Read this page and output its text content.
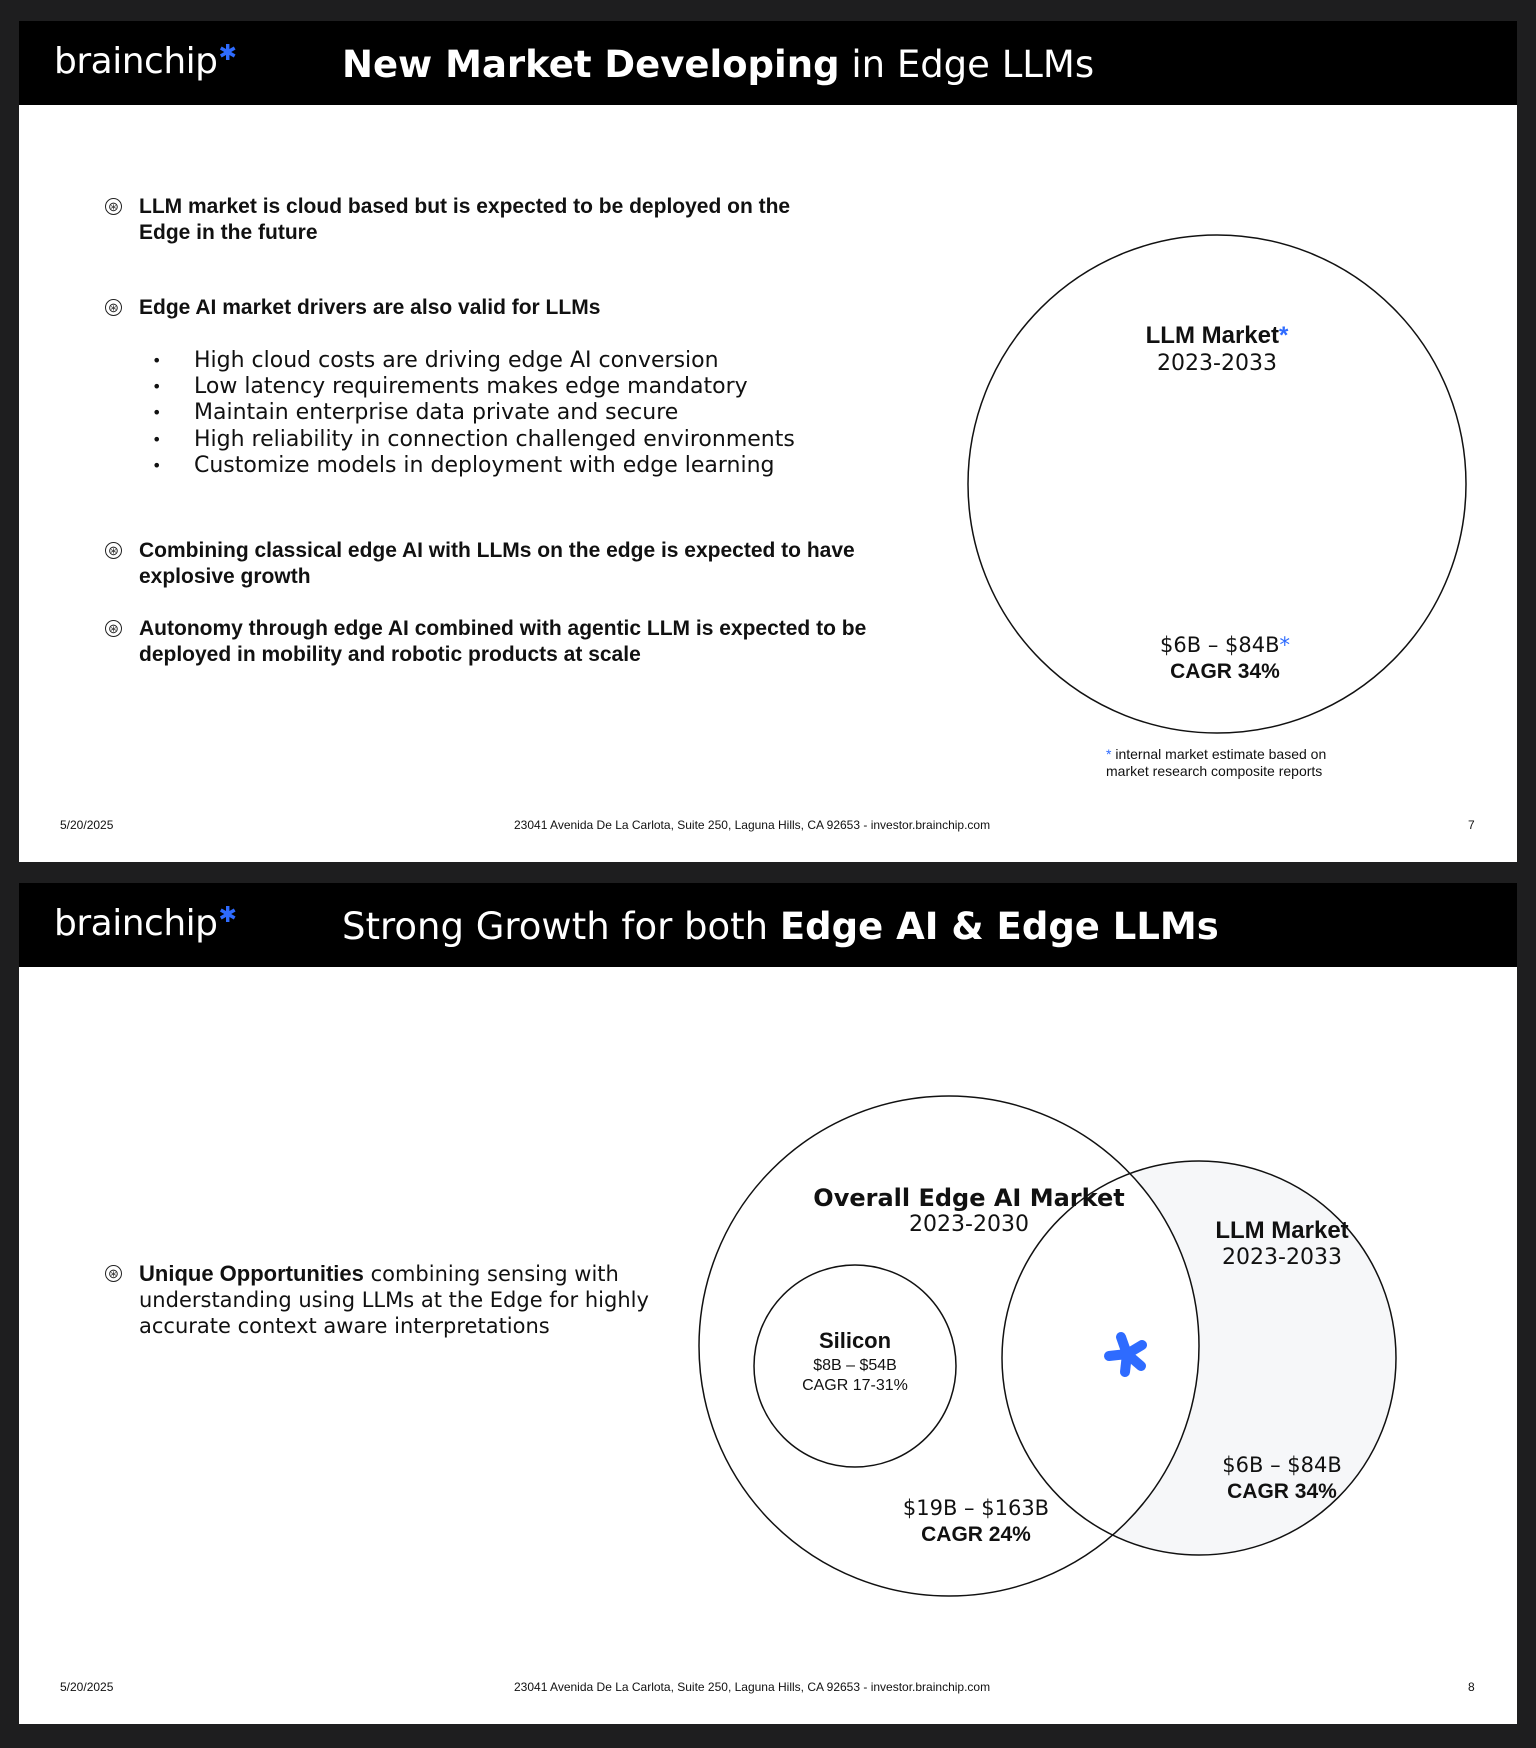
brainchip✱	New Market Developing in Edge LLMs
⊛ LLM market is cloud based but is expected to be deployed on the Edge in the future
⊛ Edge AI market drivers are also valid for LLMs
• High cloud costs are driving edge AI conversion
• Low latency requirements makes edge mandatory
• Maintain enterprise data private and secure
• High reliability in connection challenged environments
• Customize models in deployment with edge learning
⊛ Combining classical edge AI with LLMs on the edge is expected to have explosive growth
⊛ Autonomy through edge AI combined with agentic LLM is expected to be deployed in mobility and robotic products at scale
LLM Market*
2023-2033
$6B – $84B*
CAGR 34%
* internal market estimate based on
market research composite reports
5/20/2025	23041 Avenida De La Carlota, Suite 250, Laguna Hills, CA 92653 - investor.brainchip.com	7
brainchip✱	Strong Growth for both Edge AI & Edge LLMs
⊛ Unique Opportunities combining sensing with understanding using LLMs at the Edge for highly accurate context aware interpretations
Overall Edge AI Market
2023-2030	LLM Market
2023-2033
Silicon
$8B – $54B
CAGR 17-31%
$19B – $163B
CAGR 24%
$6B – $84B
CAGR 34%
5/20/2025	23041 Avenida De La Carlota, Suite 250, Laguna Hills, CA 92653 - investor.brainchip.com	8
